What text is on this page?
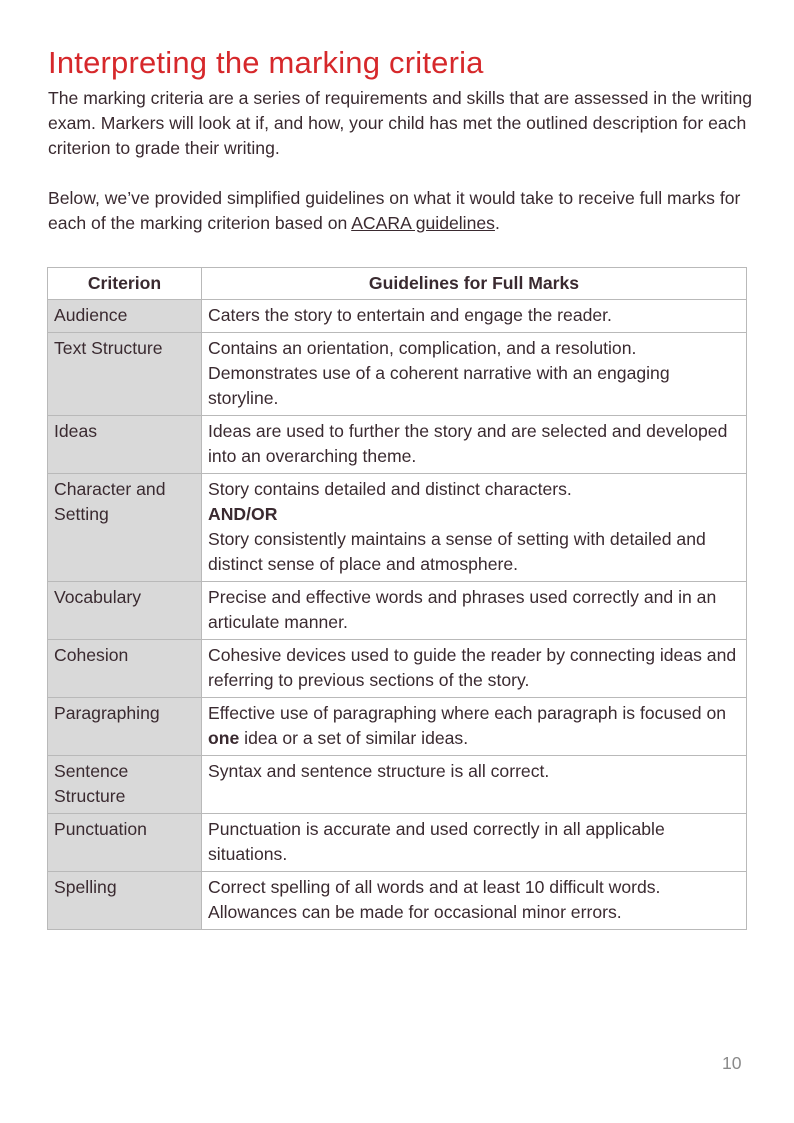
Interpreting the marking criteria

The marking criteria are a series of requirements and skills that are assessed in the writing exam. Markers will look at if, and how, your child has met the outlined description for each criterion to grade their writing.

Below, we’ve provided simplified guidelines on what it would take to receive full marks for each of the marking criterion based on ACARA guidelines.

Criterion	Guidelines for Full Marks
Audience	Caters the story to entertain and engage the reader.
Text Structure	Contains an orientation, complication, and a resolution. Demonstrates use of a coherent narrative with an engaging storyline.
Ideas	Ideas are used to further the story and are selected and developed into an overarching theme.
Character and Setting	Story contains detailed and distinct characters.
AND/OR
Story consistently maintains a sense of setting with detailed and distinct sense of place and atmosphere.

Vocabulary	Precise and effective words and phrases used correctly and in an articulate manner.
Cohesion	Cohesive devices used to guide the reader by connecting ideas and referring to previous sections of the story.
Paragraphing	Effective use of paragraphing where each paragraph is focused on one idea or a set of similar ideas.
Sentence Structure	Syntax and sentence structure is all correct.
Punctuation	Punctuation is accurate and used correctly in all applicable situations.
Spelling	Correct spelling of all words and at least 10 difficult words. Allowances can be made for occasional minor errors.
10
